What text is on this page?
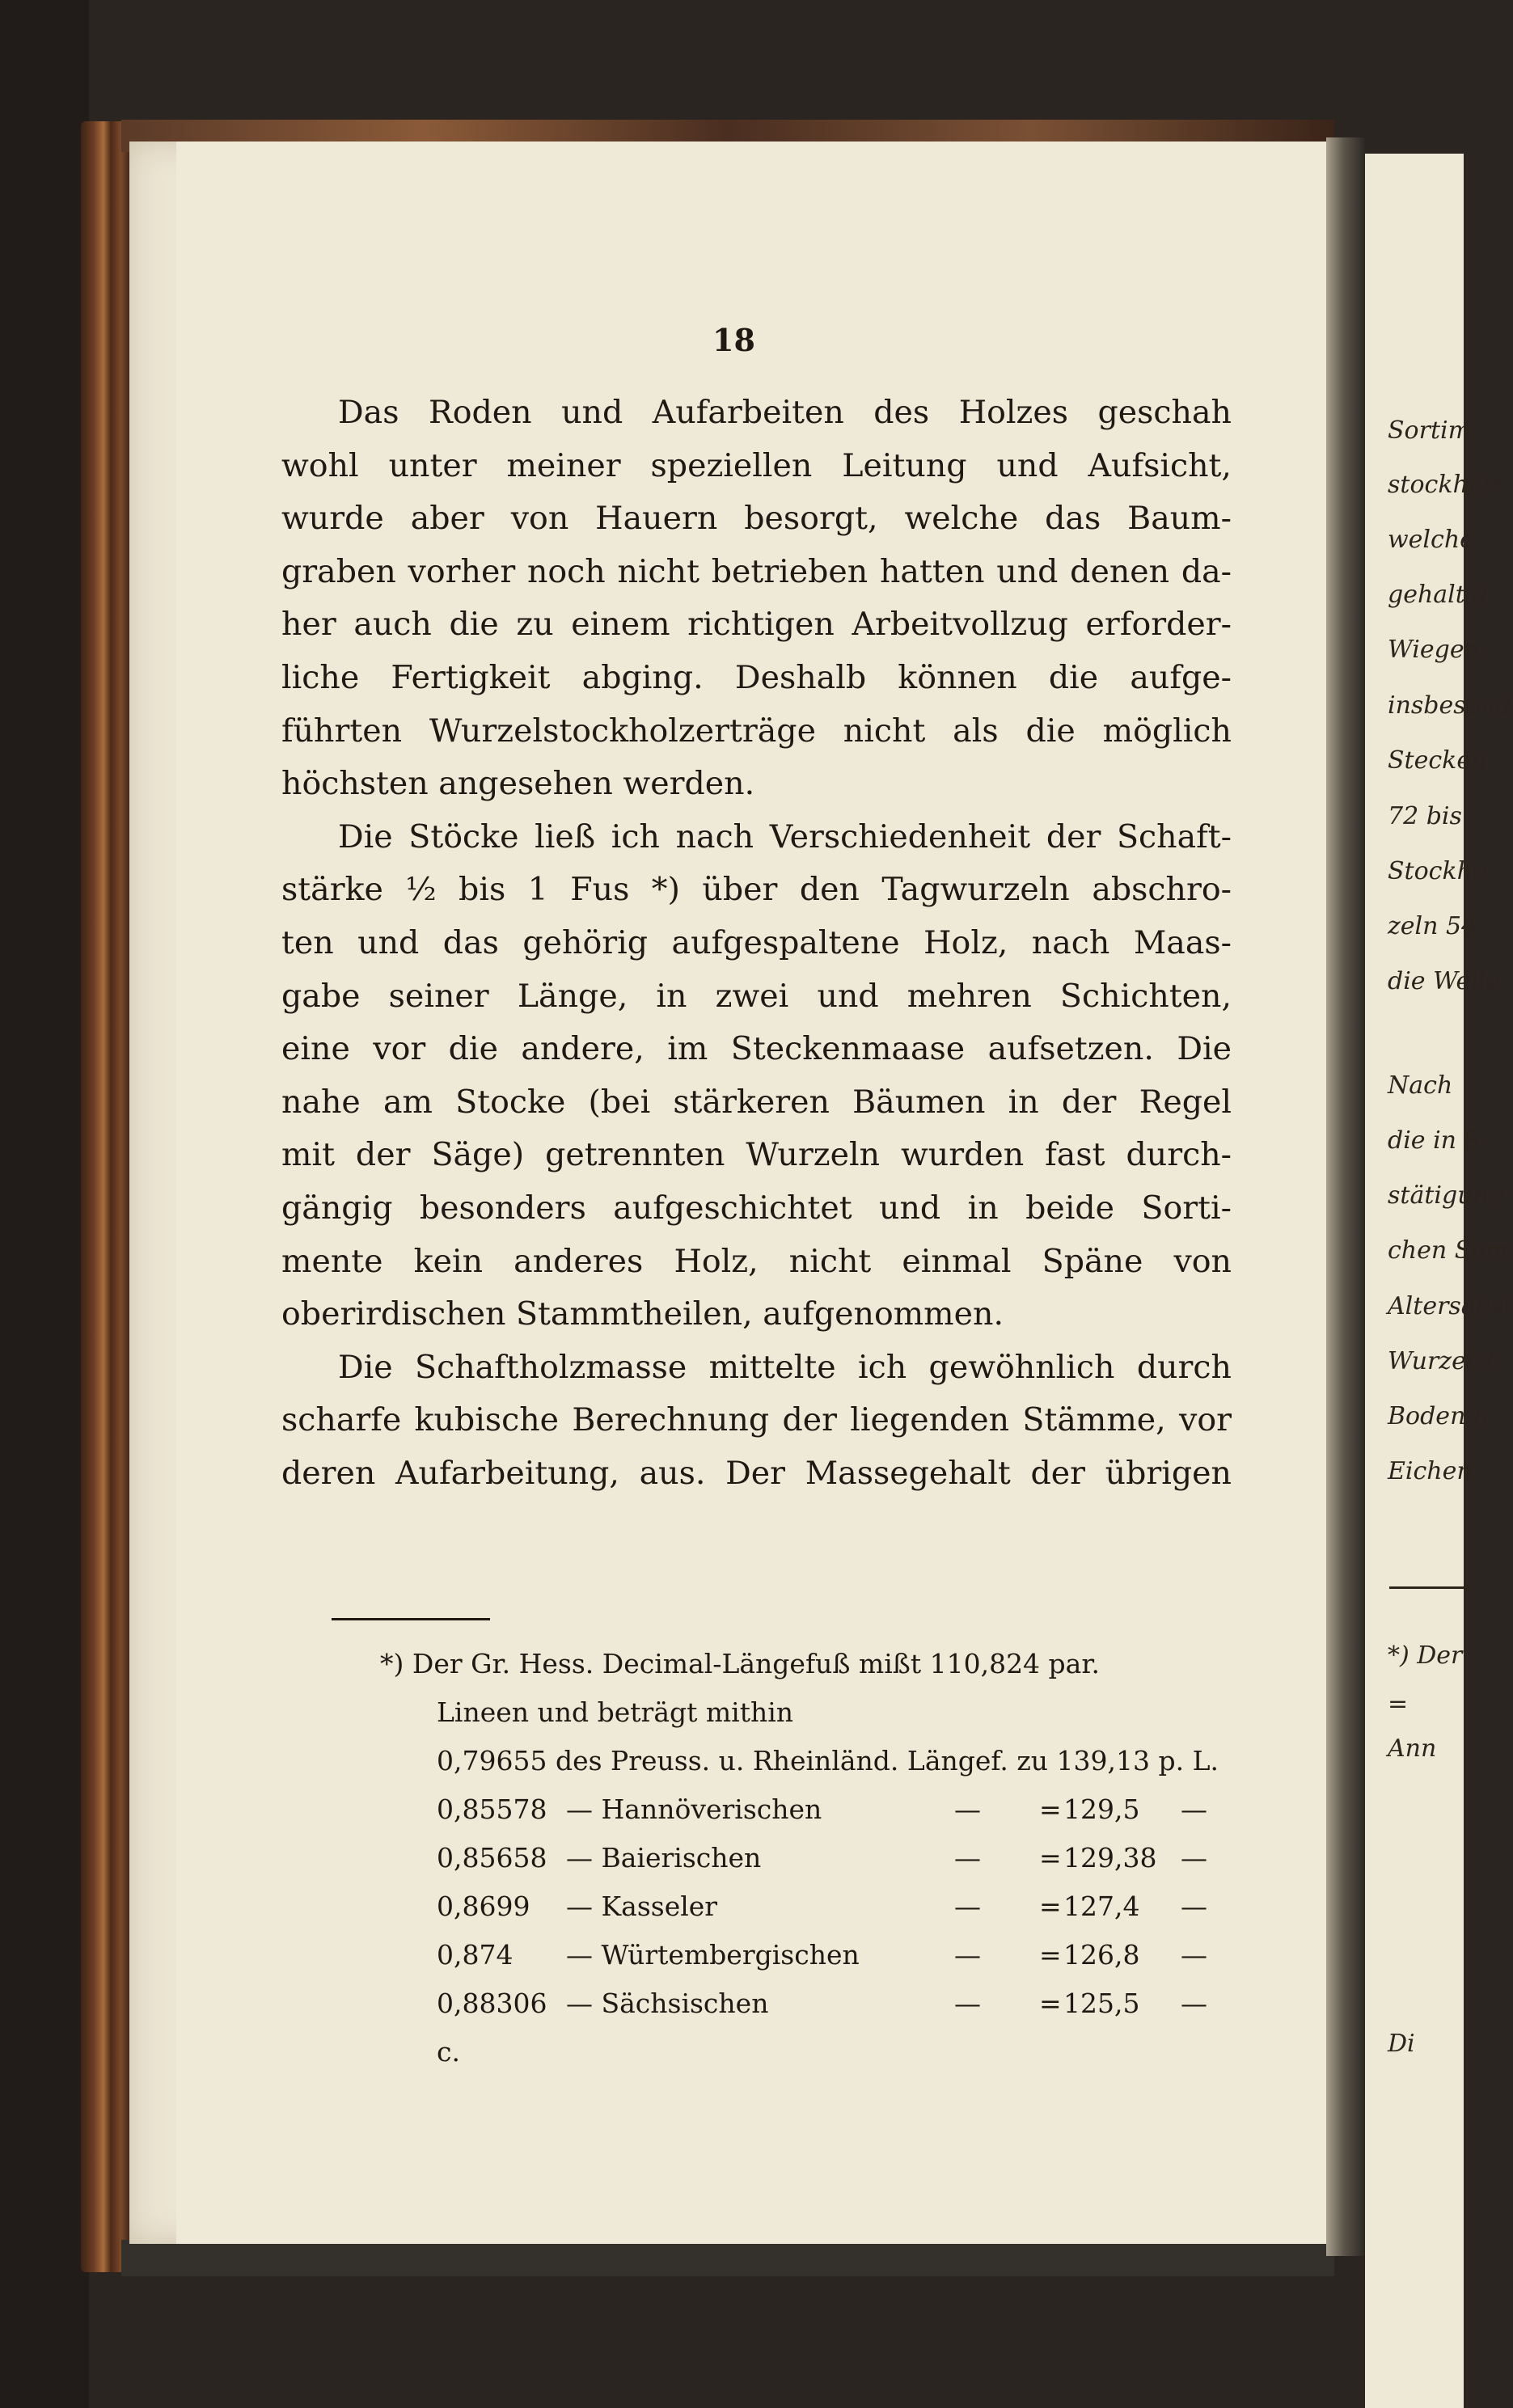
Sortim
stockholz
welche
gehalt d
Wiegen
insbesond
Stecken
72 bis
Stockho
zeln 54
die Welle
Nach
die in S
stätigung
chen Sam
Altersabst
Wurzelst
Boden u
Eichen
*) Der
=
Ann
Di
18
Das Roden und Aufarbeiten des Holzes geschah
wohl unter meiner speziellen Leitung und Aufsicht,
wurde aber von Hauern besorgt, welche das Baum-
graben vorher noch nicht betrieben hatten und denen da-
her auch die zu einem richtigen Arbeitvollzug erforder-
liche Fertigkeit abging. Deshalb können die aufge-
führten Wurzelstockholzerträge nicht als die möglich
höchsten angesehen werden.
Die Stöcke ließ ich nach Verschiedenheit der Schaft-
stärke ½ bis 1 Fus *) über den Tagwurzeln abschro-
ten und das gehörig aufgespaltene Holz, nach Maas-
gabe seiner Länge, in zwei und mehren Schichten,
eine vor die andere, im Steckenmaase aufsetzen. Die
nahe am Stocke (bei stärkeren Bäumen in der Regel
mit der Säge) getrennten Wurzeln wurden fast durch-
gängig besonders aufgeschichtet und in beide Sorti-
mente kein anderes Holz, nicht einmal Späne von
oberirdischen Stammtheilen, aufgenommen.
Die Schaftholzmasse mittelte ich gewöhnlich durch
scharfe kubische Berechnung der liegenden Stämme, vor
deren Aufarbeitung, aus. Der Massegehalt der übrigen
*) Der Gr. Hess. Decimal-Längefuß mißt 110,824 par.
Lineen und beträgt mithin
0,79655 des Preuss. u. Rheinländ. Längef. zu 139,13 p. L.
0,85578 — Hannöverischen	— = 129,5 —
0,85658 — Baierischen	— = 129,38 —
0,8699 — Kasseler	— = 127,4 —
0,874 — Würtembergischen	— = 126,8 —
0,88306 — Sächsischen	— = 125,5 —
c.
